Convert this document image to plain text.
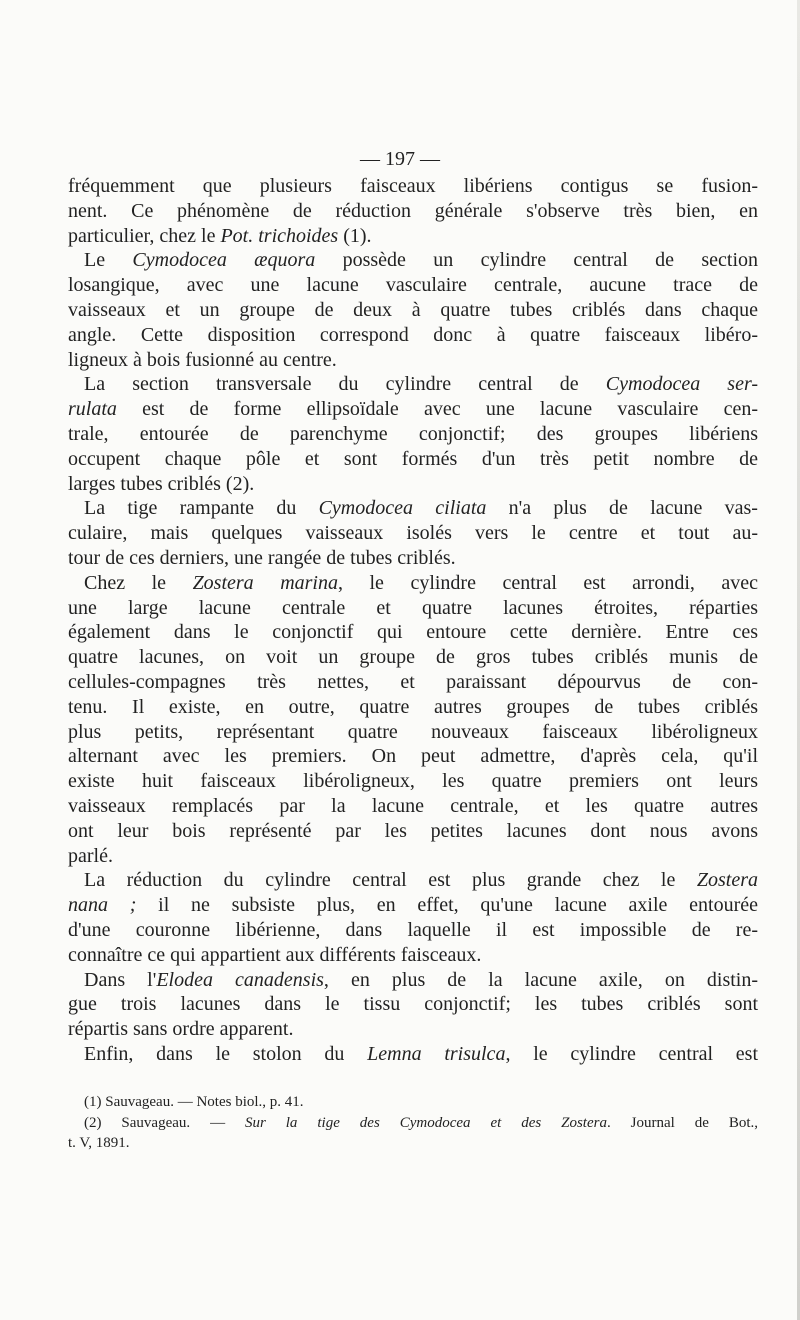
— 197 —
fréquemment que plusieurs faisceaux libériens contigus se fusion-
nent. Ce phénomène de réduction générale s'observe très bien, en
particulier, chez le Pot. trichoides (1).
Le Cymodocea æquora possède un cylindre central de section
losangique, avec une lacune vasculaire centrale, aucune trace de
vaisseaux et un groupe de deux à quatre tubes criblés dans chaque
angle. Cette disposition correspond donc à quatre faisceaux libéro-
ligneux à bois fusionné au centre.
La section transversale du cylindre central de Cymodocea ser-
rulata est de forme ellipsoïdale avec une lacune vasculaire cen-
trale, entourée de parenchyme conjonctif; des groupes libériens
occupent chaque pôle et sont formés d'un très petit nombre de
larges tubes criblés (2).
La tige rampante du Cymodocea ciliata n'a plus de lacune vas-
culaire, mais quelques vaisseaux isolés vers le centre et tout au-
tour de ces derniers, une rangée de tubes criblés.
Chez le Zostera marina, le cylindre central est arrondi, avec
une large lacune centrale et quatre lacunes étroites, réparties
également dans le conjonctif qui entoure cette dernière. Entre ces
quatre lacunes, on voit un groupe de gros tubes criblés munis de
cellules-compagnes très nettes, et paraissant dépourvus de con-
tenu. Il existe, en outre, quatre autres groupes de tubes criblés
plus petits, représentant quatre nouveaux faisceaux libéroligneux
alternant avec les premiers. On peut admettre, d'après cela, qu'il
existe huit faisceaux libéroligneux, les quatre premiers ont leurs
vaisseaux remplacés par la lacune centrale, et les quatre autres
ont leur bois représenté par les petites lacunes dont nous avons
parlé.
La réduction du cylindre central est plus grande chez le Zostera
nana ; il ne subsiste plus, en effet, qu'une lacune axile entourée
d'une couronne libérienne, dans laquelle il est impossible de re-
connaître ce qui appartient aux différents faisceaux.
Dans l'Elodea canadensis, en plus de la lacune axile, on distin-
gue trois lacunes dans le tissu conjonctif; les tubes criblés sont
répartis sans ordre apparent.
Enfin, dans le stolon du Lemna trisulca, le cylindre central est
(1) Sauvageau. — Notes biol., p. 41.
(2) Sauvageau. — Sur la tige des Cymodocea et des Zostera. Journal de Bot.,
t. V, 1891.
